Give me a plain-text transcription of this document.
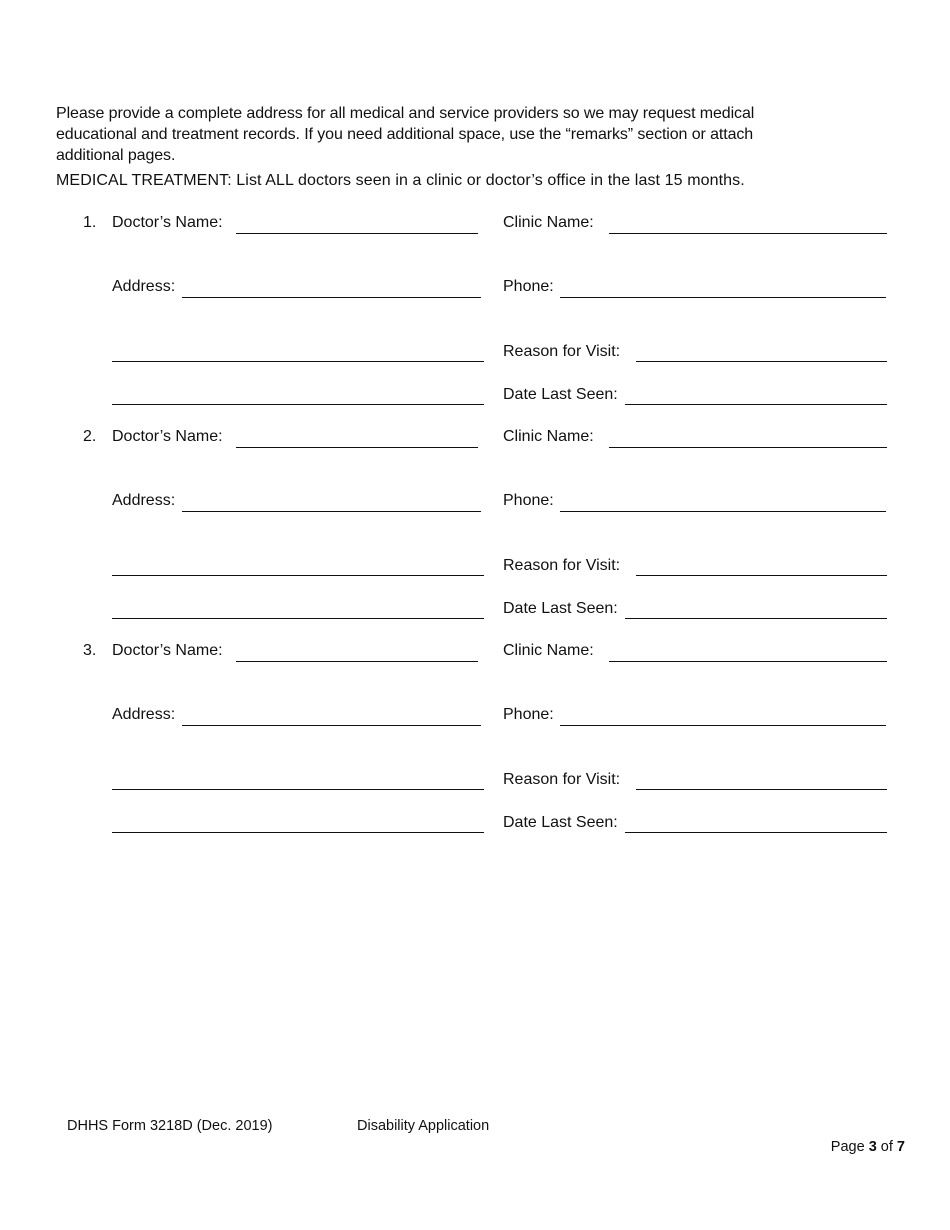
Please provide a complete address for all medical and service providers so we may request medical
educational and treatment records. If you need additional space, use the “remarks” section or attach
additional pages.
MEDICAL TREATMENT: List ALL doctors seen in a clinic or doctor’s office in the last 15 months.
1. Doctor’s Name:	Clinic Name:
Address:	Phone:
Reason for Visit:
Date Last Seen:
2. Doctor’s Name:	Clinic Name:
Address:	Phone:
Reason for Visit:
Date Last Seen:
3. Doctor’s Name:	Clinic Name:
Address:	Phone:
Reason for Visit:
Date Last Seen:
DHHS Form 3218D (Dec. 2019)	Disability Application
Page 3 of 7
